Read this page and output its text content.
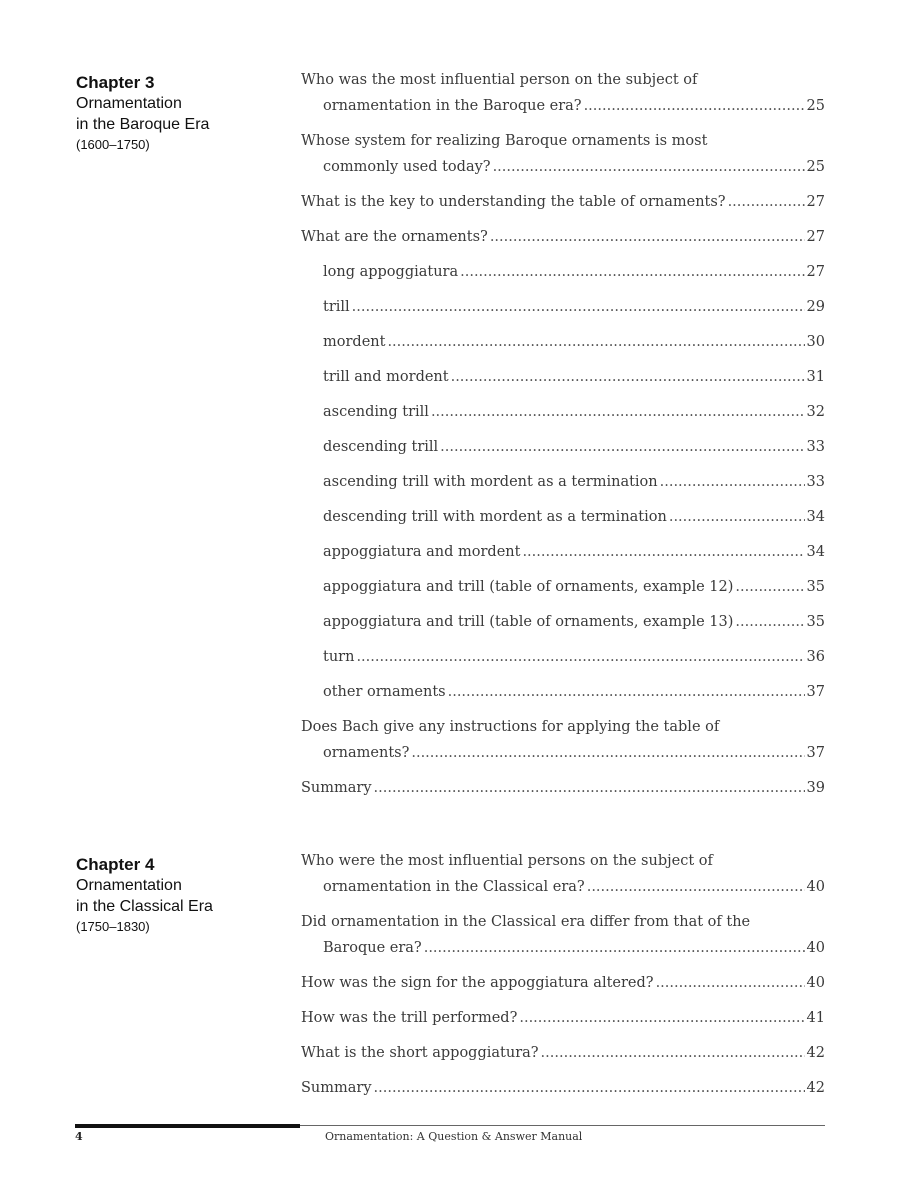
Chapter 3
Ornamentation
in the Baroque Era
(1600–1750)
Who was the most influential person on the subject of
ornamentation in the Baroque era? .....	25
Whose system for realizing Baroque ornaments is most
commonly used today? .....	25
What is the key to understanding the table of ornaments? .....	27
What are the ornaments? .....	27
long appoggiatura .....	27
trill .....	29
mordent .....	30
trill and mordent .....	31
ascending trill .....	32
descending trill .....	33
ascending trill with mordent as a termination .....	33
descending trill with mordent as a termination .....	34
appoggiatura and mordent .....	34
appoggiatura and trill (table of ornaments, example 12) .....	35
appoggiatura and trill (table of ornaments, example 13) .....	35
turn .....	36
other ornaments .....	37
Does Bach give any instructions for applying the table of
ornaments? .....	37
Summary .....	39
Chapter 4
Ornamentation
in the Classical Era
(1750–1830)
Who were the most influential persons on the subject of
ornamentation in the Classical era? .....	40
Did ornamentation in the Classical era differ from that of the
Baroque era? .....	40
How was the sign for the appoggiatura altered? .....	40
How was the trill performed? .....	41
What is the short appoggiatura? .....	42
Summary .....	42
4	Ornamentation: A Question & Answer Manual
